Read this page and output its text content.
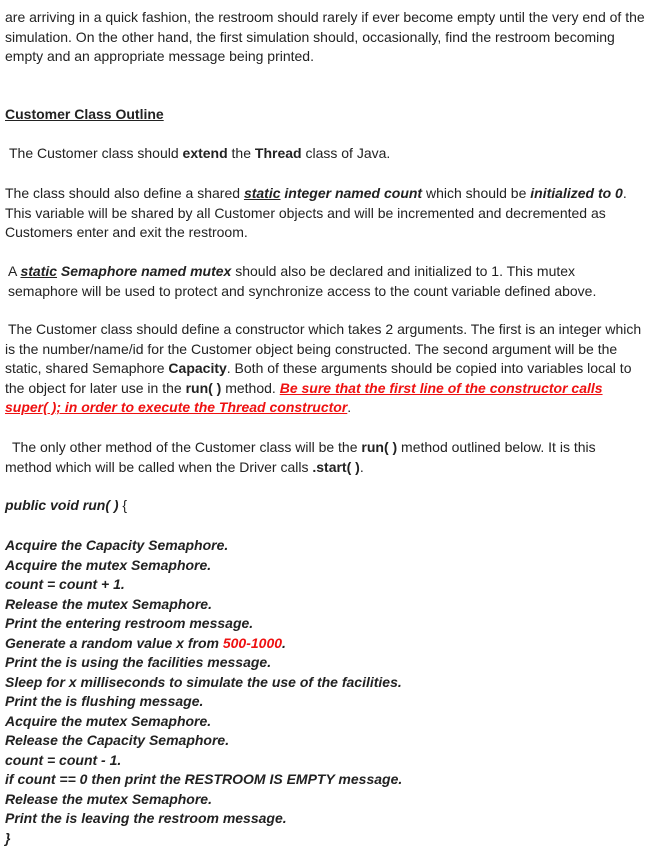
are arriving in a quick fashion, the restroom should rarely if ever become empty until the very end of the simulation. On the other hand, the first simulation should, occasionally, find the restroom becoming empty and an appropriate message being printed.

Customer Class Outline

The Customer class should extend the Thread class of Java.

The class should also define a shared static integer named count which should be initialized to 0. This variable will be shared by all Customer objects and will be incremented and decremented as Customers enter and exit the restroom.

A static Semaphore named mutex should also be declared and initialized to 1. This mutex semaphore will be used to protect and synchronize access to the count variable defined above.

The Customer class should define a constructor which takes 2 arguments. The first is an integer which is the number/name/id for the Customer object being constructed. The second argument will be the static, shared Semaphore Capacity. Both of these arguments should be copied into variables local to the object for later use in the run( ) method. Be sure that the first line of the constructor calls super( ); in order to execute the Thread constructor.

The only other method of the Customer class will be the run( ) method outlined below. It is this method which will be called when the Driver calls .start( ).

public void run( ) {
Acquire the Capacity Semaphore.
Acquire the mutex Semaphore.
count = count + 1.
Release the mutex Semaphore.
Print the entering restroom message.
Generate a random value x from 500-1000.
Print the is using the facilities message.
Sleep for x milliseconds to simulate the use of the facilities.
Print the is flushing message.
Acquire the mutex Semaphore.
Release the Capacity Semaphore.
count = count - 1.
if count == 0 then print the RESTROOM IS EMPTY message.
Release the mutex Semaphore.
Print the is leaving the restroom message.
}
